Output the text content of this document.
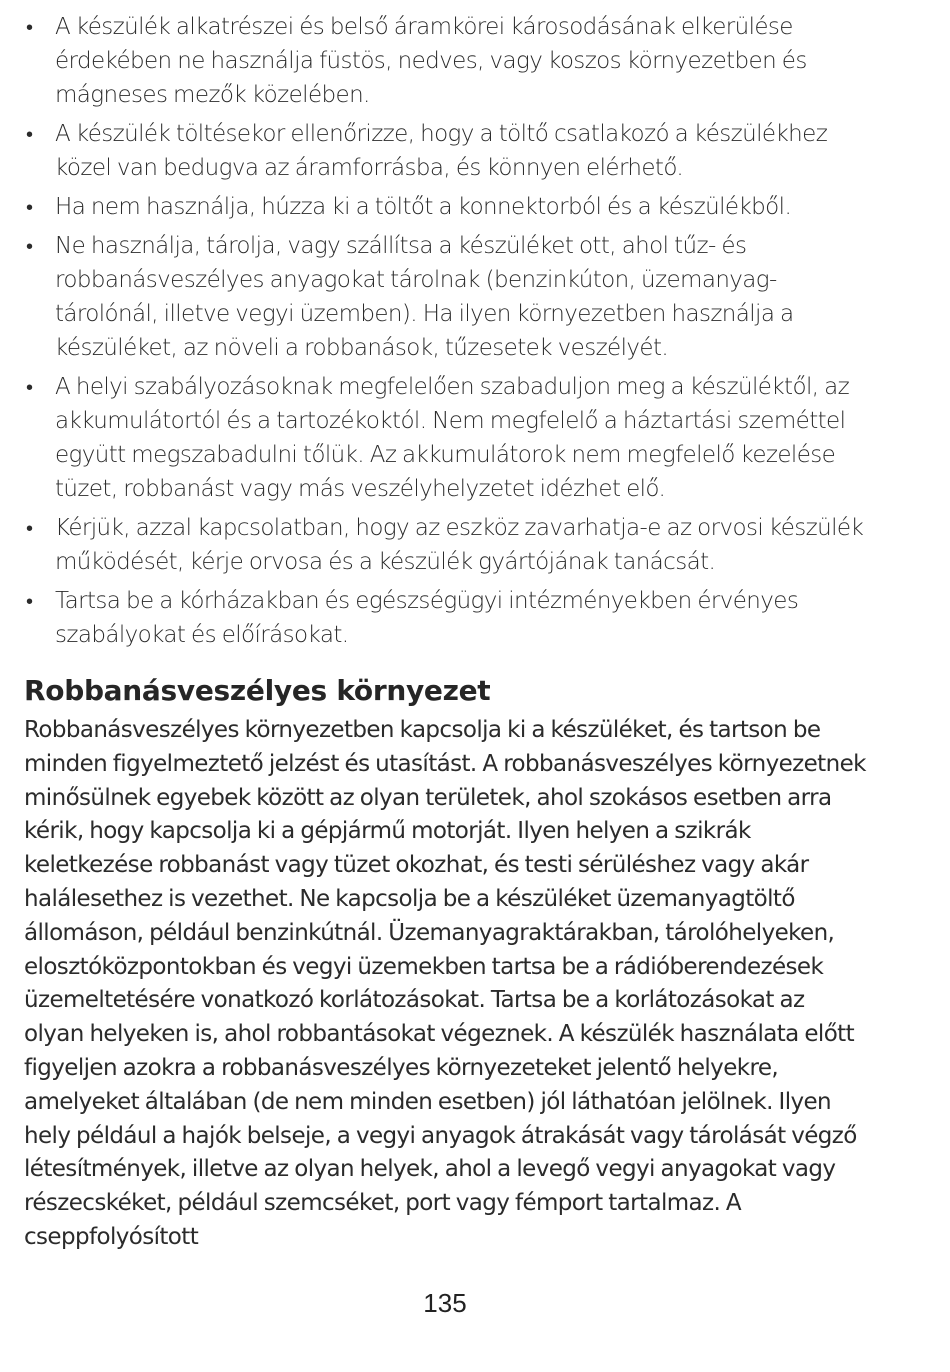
• A készülék alkatrészei és belső áramkörei károsodásának elkerülése érdekében ne használja füstös, nedves, vagy koszos környezetben és mágneses mezők közelében.
• A készülék töltésekor ellenőrizze, hogy a töltő csatlakozó a készülékhez közel van bedugva az áramforrásba, és könnyen elérhető.
• Ha nem használja, húzza ki a töltőt a konnektorból és a készülékből.
• Ne használja, tárolja, vagy szállítsa a készüléket ott, ahol tűz- és robbanásveszélyes anyagokat tárolnak (benzinkúton, üzemanyag-tárolónál, illetve vegyi üzemben). Ha ilyen környezetben használja a készüléket, az növeli a robbanások, tűzesetek veszélyét.
• A helyi szabályozásoknak megfelelően szabaduljon meg a készüléktől, az akkumulátortól és a tartozékoktól. Nem megfelelő a háztartási szeméttel együtt megszabadulni tőlük. Az akkumulátorok nem megfelelő kezelése tüzet, robbanást vagy más veszélyhelyzetet idézhet elő.
• Kérjük, azzal kapcsolatban, hogy az eszköz zavarhatja-e az orvosi készülék működését, kérje orvosa és a készülék gyártójának tanácsát.
• Tartsa be a kórházakban és egészségügyi intézményekben érvényes szabályokat és előírásokat.
Robbanásveszélyes környezet

Robbanásveszélyes környezetben kapcsolja ki a készüléket, és tartson be minden figyelmeztető jelzést és utasítást. A robbanásveszélyes környezetnek minősülnek egyebek között az olyan területek, ahol szokásos esetben arra kérik, hogy kapcsolja ki a gépjármű motorját. Ilyen helyen a szikrák keletkezése robbanást vagy tüzet okozhat, és testi sérüléshez vagy akár halálesethez is vezethet. Ne kapcsolja be a készüléket üzemanyagtöltő állomáson, például benzinkútnál. Üzemanyagraktárakban, tárolóhelyeken, elosztóközpontokban és vegyi üzemekben tartsa be a rádióberendezések üzemeltetésére vonatkozó korlátozásokat. Tartsa be a korlátozásokat az olyan helyeken is, ahol robbantásokat végeznek. A készülék használata előtt figyeljen azokra a robbanásveszélyes környezeteket jelentő helyekre, amelyeket általában (de nem minden esetben) jól láthatóan jelölnek. Ilyen hely például a hajók belseje, a vegyi anyagok átrakását vagy tárolását végző létesítmények, illetve az olyan helyek, ahol a levegő vegyi anyagokat vagy részecskéket, például szemcséket, port vagy fémport tartalmaz. A cseppfolyósított

135
